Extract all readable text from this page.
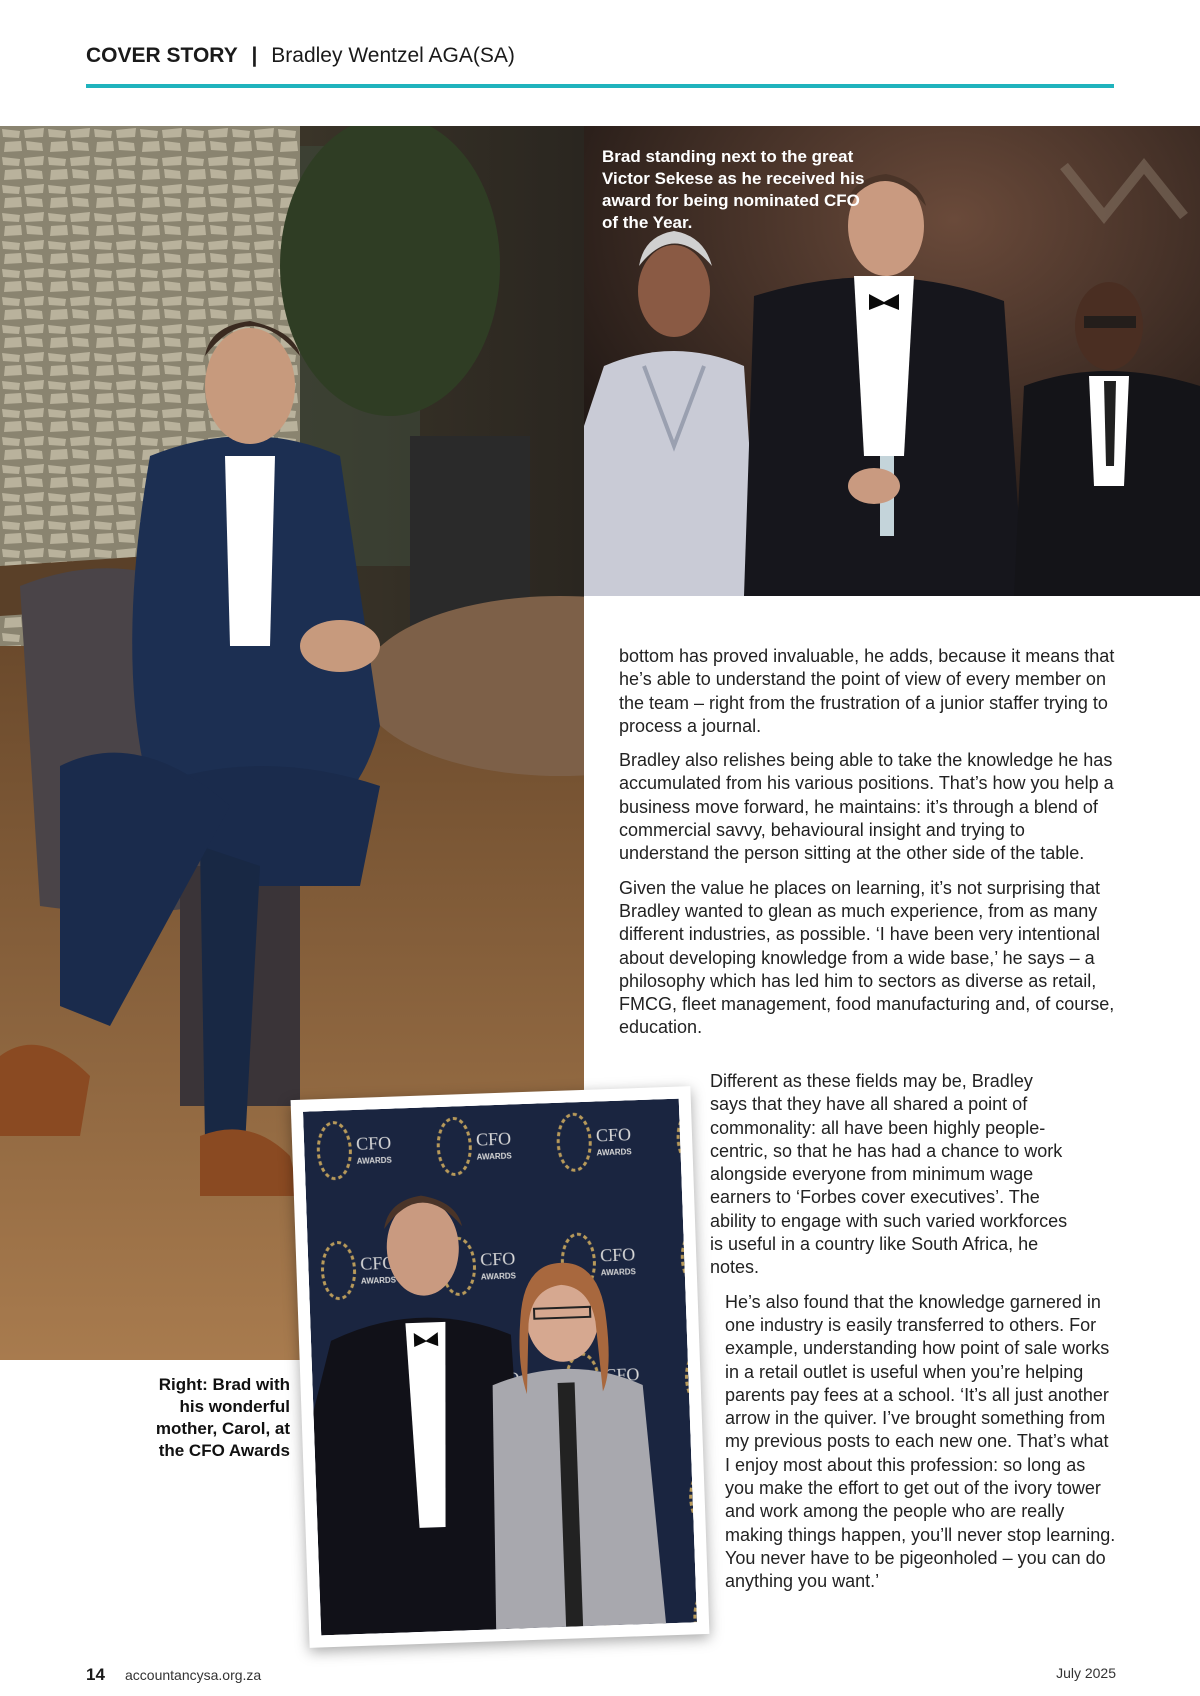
COVER STORY | Bradley Wentzel AGA(SA)
Brad standing next to the great Victor Sekese as he received his award for being nominated CFO of the Year.

bottom has proved invaluable, he adds, because it means that he’s able to understand the point of view of every member on the team – right from the frustration of a junior staffer trying to process a journal.

Bradley also relishes being able to take the knowledge he has accumulated from his various positions. That’s how you help a business move forward, he maintains: it’s through a blend of commercial savvy, behavioural insight and trying to understand the person sitting at the other side of the table.

Given the value he places on learning, it’s not surprising that Bradley wanted to glean as much experience, from as many different industries, as possible. ‘I have been very intentional about developing knowledge from a wide base,’ he says – a philosophy which has led him to sectors as diverse as retail, FMCG, fleet management, food manufacturing and, of course, education.

Right: Brad with his wonderful mother, Carol, at the CFO Awards

Different as these fields may be, Bradley says that they have all shared a point of commonality: all have been highly people-centric, so that he has had a chance to work alongside everyone from minimum wage earners to ‘Forbes cover executives’. The ability to engage with such varied workforces is useful in a country like South Africa, he notes.

He’s also found that the knowledge garnered in one industry is easily transferred to others. For example, understanding how point of sale works in a retail outlet is useful when you’re helping parents pay fees at a school. ‘It’s all just another arrow in the quiver. I’ve brought something from my previous posts to each new one. That’s what I enjoy most about this profession: so long as you make the effort to get out of the ivory tower and work among the people who are really making things happen, you’ll never stop learning. You never have to be pigeonholed – you can do anything you want.’

14 accountancysa.org.za	July 2025
